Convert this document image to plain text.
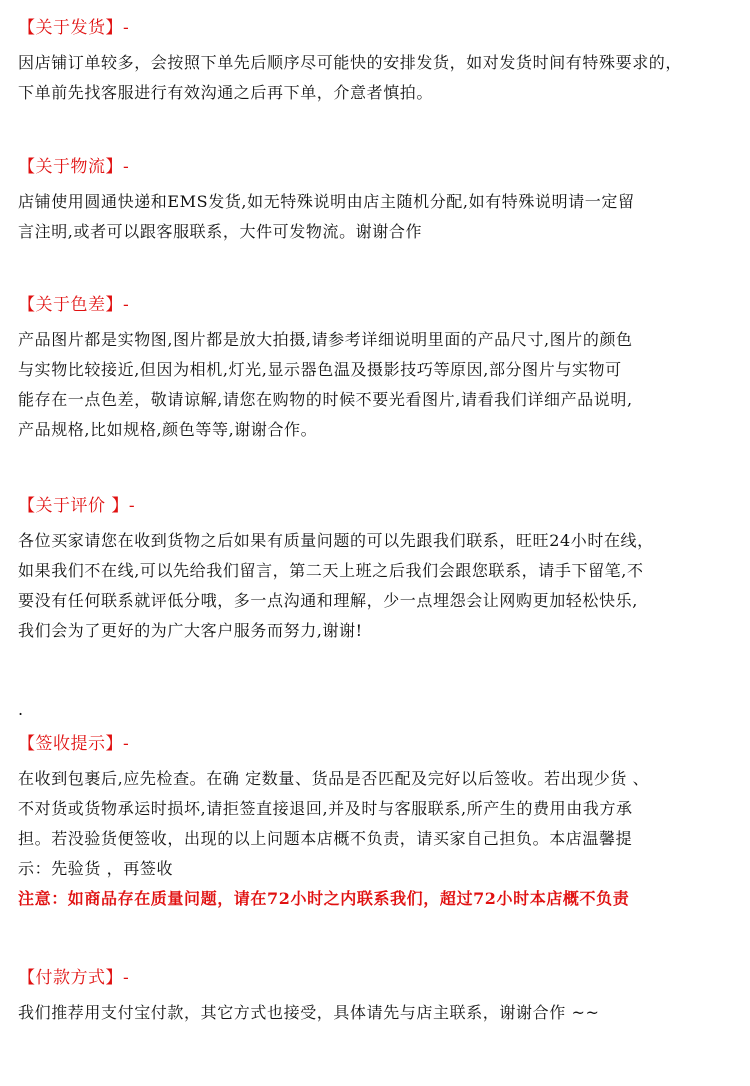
【关于发货】-
因店铺订单较多，会按照下单先后顺序尽可能快的安排发货，如对发货时间有特殊要求的，
下单前先找客服进行有效沟通之后再下单，介意者慎拍。
【关于物流】-
店铺使用圆通快递和EMS发货,如无特殊说明由店主随机分配,如有特殊说明请一定留
言注明,或者可以跟客服联系，大件可发物流。谢谢合作
【关于色差】-
产品图片都是实物图,图片都是放大拍摄,请参考详细说明里面的产品尺寸,图片的颜色
与实物比较接近,但因为相机,灯光,显示器色温及摄影技巧等原因,部分图片与实物可
能存在一点色差，敬请谅解,请您在购物的时候不要光看图片,请看我们详细产品说明,
产品规格,比如规格,颜色等等,谢谢合作。
【关于评价 】-
各位买家请您在收到货物之后如果有质量问题的可以先跟我们联系，旺旺24小时在线，
如果我们不在线,可以先给我们留言，第二天上班之后我们会跟您联系，请手下留笔,不
要没有任何联系就评低分哦，多一点沟通和理解，少一点埋怨会让网购更加轻松快乐,
我们会为了更好的为广大客户服务而努力,谢谢!
.
【签收提示】-
在收到包裹后,应先检查。在确 定数量、货品是否匹配及完好以后签收。若出现少货 、
不对货或货物承运时损坏,请拒签直接退回,并及时与客服联系,所产生的费用由我方承
担。若没验货便签收，出现的以上问题本店概不负责，请买家自己担负。本店温馨提
示：先验货 ，再签收
注意：如商品存在质量问题，请在72小时之内联系我们，超过72小时本店概不负责
【付款方式】-
我们推荐用支付宝付款，其它方式也接受，具体请先与店主联系，谢谢合作 ~~
